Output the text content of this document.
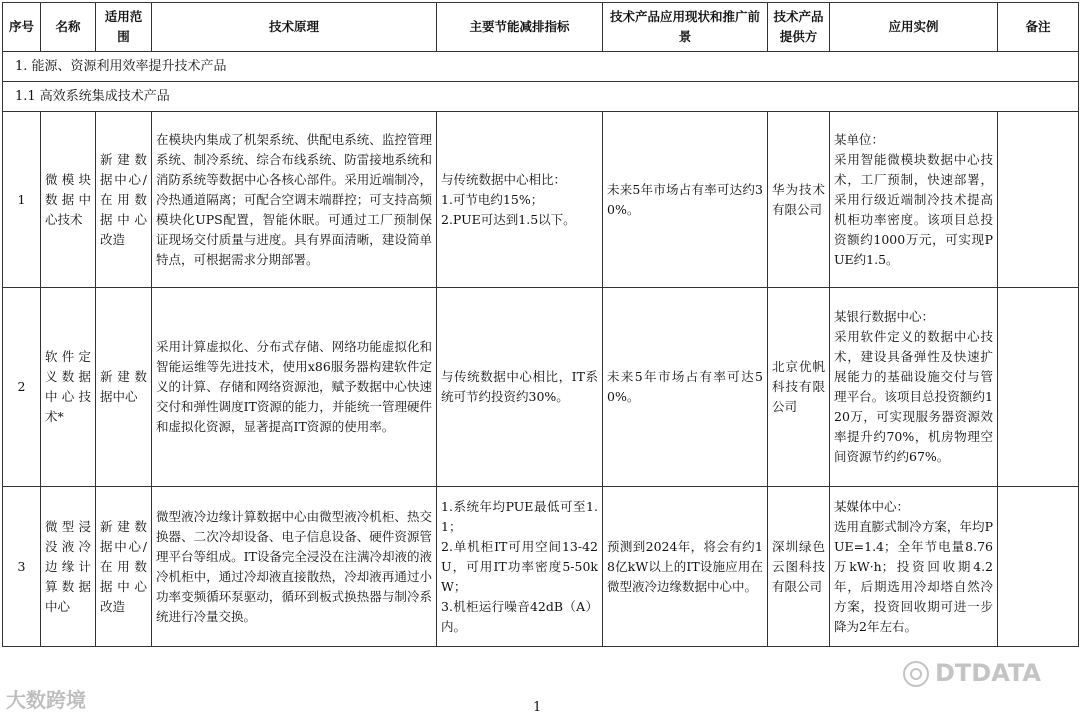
序号	名称	适用范围	技术原理	主要节能减排指标	技术产品应用现状和推广前景	技术产品提供方	应用实例	备注
1. 能源、资源利用效率提升技术产品								
1.1 高效系统集成技术产品								
1	微模块数据中心技术	新建数据中心/在用数据中心改造	在模块内集成了机架系统、供配电系统、监控管理系统、制冷系统、综合布线系统、防雷接地系统和消防系统等数据中心各核心部件。采用近端制冷，冷热通道隔离；可配合空调末端群控；可支持高频模块化UPS配置，智能休眠。可通过工厂预制保证现场交付质量与进度。具有界面清晰，建设简单特点，可根据需求分期部署。	与传统数据中心相比：
1.可节电约15%；
2.PUE可达到1.5以下。	未来5年市场占有率可达约30%。	华为技术有限公司	某单位：
采用智能微模块数据中心技术，工厂预制，快速部署，采用行级近端制冷技术提高机柜功率密度。该项目总投资额约1000万元，可实现PUE约1.5。	
2	软件定义数据中心技术*	新建数据中心	采用计算虚拟化、分布式存储、网络功能虚拟化和智能运维等先进技术，使用x86服务器构建软件定义的计算、存储和网络资源池，赋予数据中心快速交付和弹性调度IT资源的能力，并能统一管理硬件和虚拟化资源，显著提高IT资源的使用率。	与传统数据中心相比，IT系统可节约投资约30%。	未来5年市场占有率可达50%。	北京优帆科技有限公司	某银行数据中心：
采用软件定义的数据中心技术，建设具备弹性及快速扩展能力的基础设施交付与管理平台。该项目总投资额约120万，可实现服务器资源效率提升约70%，机房物理空间资源节约约67%。	
3	微型浸没液冷边缘计算数据中心	新建数据中心/在用数据中心改造	微型液冷边缘计算数据中心由微型液冷机柜、热交换器、二次冷却设备、电子信息设备、硬件资源管理平台等组成。IT设备完全浸没在注满冷却液的液冷机柜中，通过冷却液直接散热，冷却液再通过小功率变频循环泵驱动，循环到板式换热器与制冷系统进行冷量交换。	1.系统年均PUE最低可至1.1；
2.单机柜IT可用空间13-42U，可用IT功率密度5-50kW；
3.机柜运行噪音42dB（A）内。	预测到2024年，将会有约18亿kW以上的IT设施应用在微型液冷边缘数据中心中。	深圳绿色云图科技有限公司	某媒体中心：
选用直膨式制冷方案，年均PUE=1.4；全年节电量8.76万kW·h；投资回收期4.2年，后期选用冷却塔自然冷方案，投资回收期可进一步降为2年左右。	
大数跨境
DTDATA
1
